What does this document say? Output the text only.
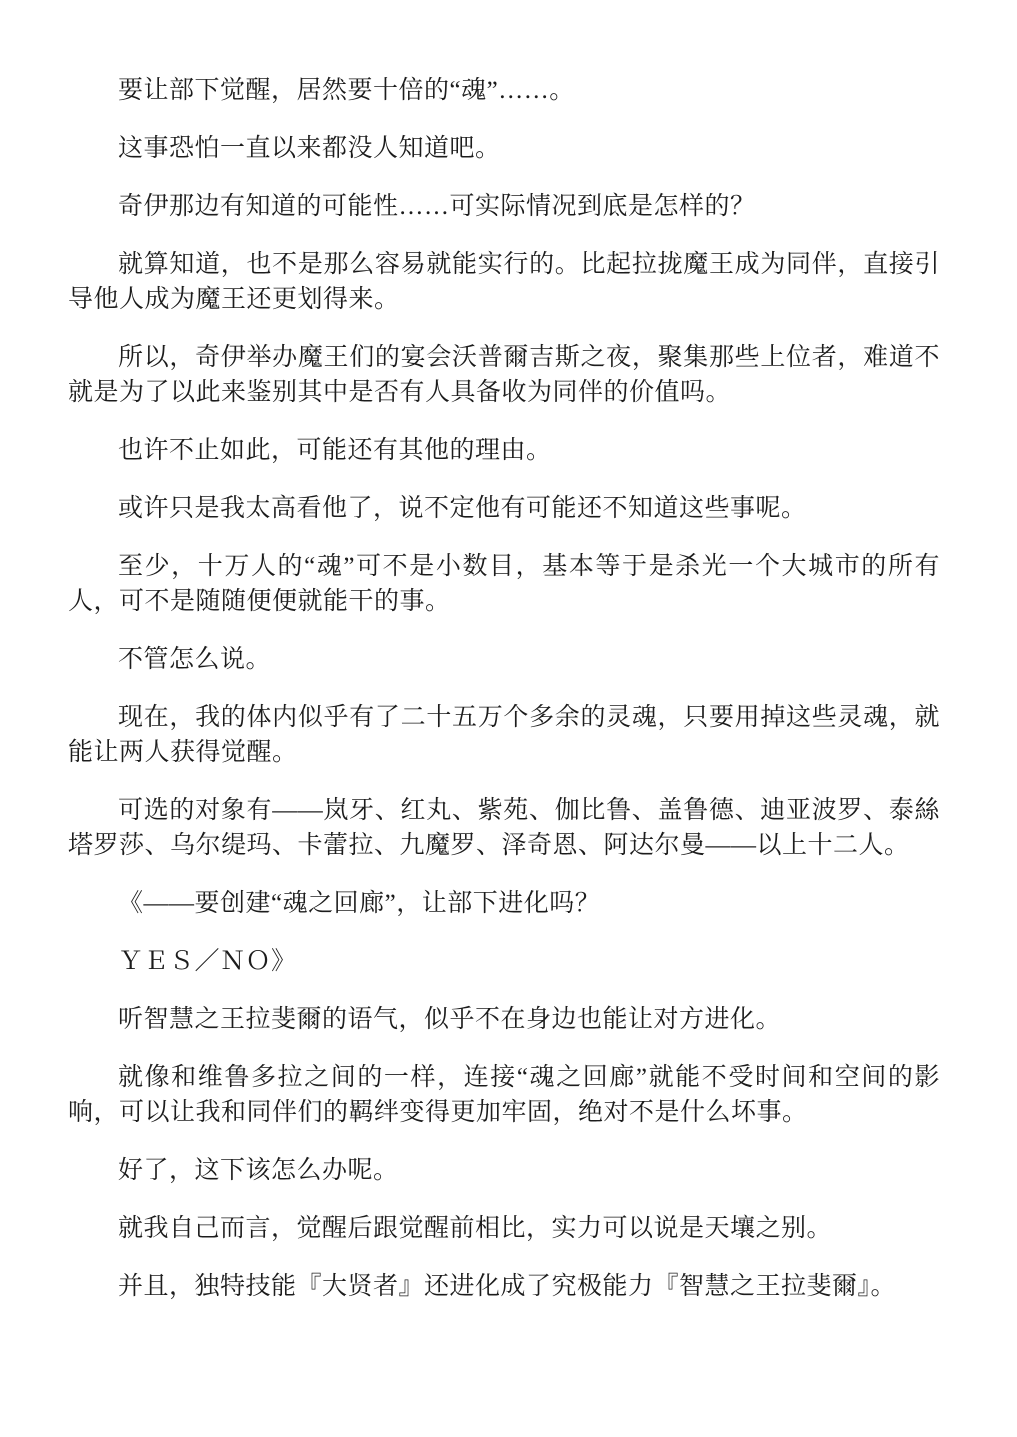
要让部下觉醒，居然要十倍的“魂”……。

这事恐怕一直以来都没人知道吧。

奇伊那边有知道的可能性……可实际情况到底是怎样的？

就算知道，也不是那么容易就能实行的。比起拉拢魔王成为同伴，直接引导他人成为魔王还更划得来。

所以，奇伊举办魔王们的宴会沃普爾吉斯之夜，聚集那些上位者，难道不就是为了以此来鉴别其中是否有人具备收为同伴的价值吗。

也许不止如此，可能还有其他的理由。

或许只是我太高看他了，说不定他有可能还不知道这些事呢。

至少，十万人的“魂”可不是小数目，基本等于是杀光一个大城市的所有人，可不是随随便便就能干的事。

不管怎么说。

现在，我的体内似乎有了二十五万个多余的灵魂，只要用掉这些灵魂，就能让两人获得觉醒。

可选的对象有——岚牙、红丸、紫苑、伽比鲁、盖鲁德、迪亚波罗、泰絲塔罗莎、乌尔缇玛、卡蕾拉、九魔罗、泽奇恩、阿达尔曼——以上十二人。

《——要创建“魂之回廊”，让部下进化吗？

ＹＥＳ／ＮＯ》

听智慧之王拉斐爾的语气，似乎不在身边也能让对方进化。

就像和维鲁多拉之间的一样，连接“魂之回廊”就能不受时间和空间的影响，可以让我和同伴们的羁绊变得更加牢固，绝对不是什么坏事。

好了，这下该怎么办呢。

就我自己而言，觉醒后跟觉醒前相比，实力可以说是天壤之别。

并且，独特技能『大贤者』还进化成了究极能力『智慧之王拉斐爾』。
